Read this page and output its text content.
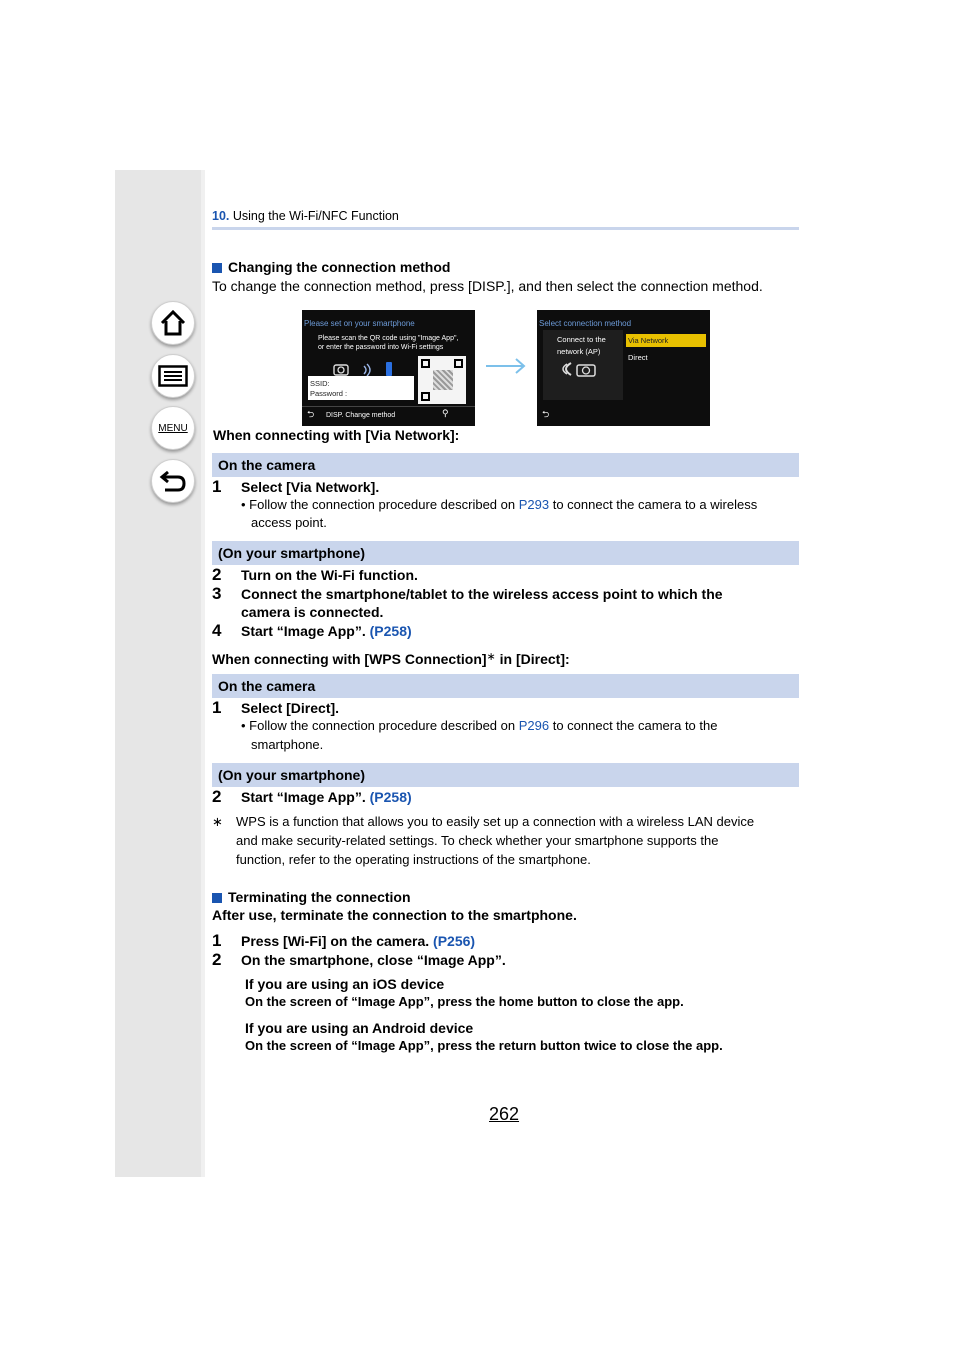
MENU
10. Using the Wi-Fi/NFC Function
Changing the connection method
To change the connection method, press [DISP.], and then select the connection method.
Please set on your smartphone
Please scan the QR code using "Image App",
or enter the password into Wi-Fi settings
SSID:
Password :
⮌ DISP. Change method	⚲
Select connection method
Connect to the
network (AP)
Via Network
Direct
⮌
When connecting with [Via Network]:
On the camera
1 Select [Via Network].
• Follow the connection procedure described on P293 to connect the camera to a wireless
access point.
(On your smartphone)
2 Turn on the Wi-Fi function.
3 Connect the smartphone/tablet to the wireless access point to which the
camera is connected.
4 Start “Image App”. (P258)
When connecting with [WPS Connection]∗ in [Direct]:
On the camera
1 Select [Direct].
• Follow the connection procedure described on P296 to connect the camera to the
smartphone.
(On your smartphone)
2 Start “Image App”. (P258)
∗ WPS is a function that allows you to easily set up a connection with a wireless LAN device
and make security-related settings. To check whether your smartphone supports the
function, refer to the operating instructions of the smartphone.
Terminating the connection
After use, terminate the connection to the smartphone.
1 Press [Wi-Fi] on the camera. (P256)
2 On the smartphone, close “Image App”.
If you are using an iOS device
On the screen of “Image App”, press the home button to close the app.
If you are using an Android device
On the screen of “Image App”, press the return button twice to close the app.
262
